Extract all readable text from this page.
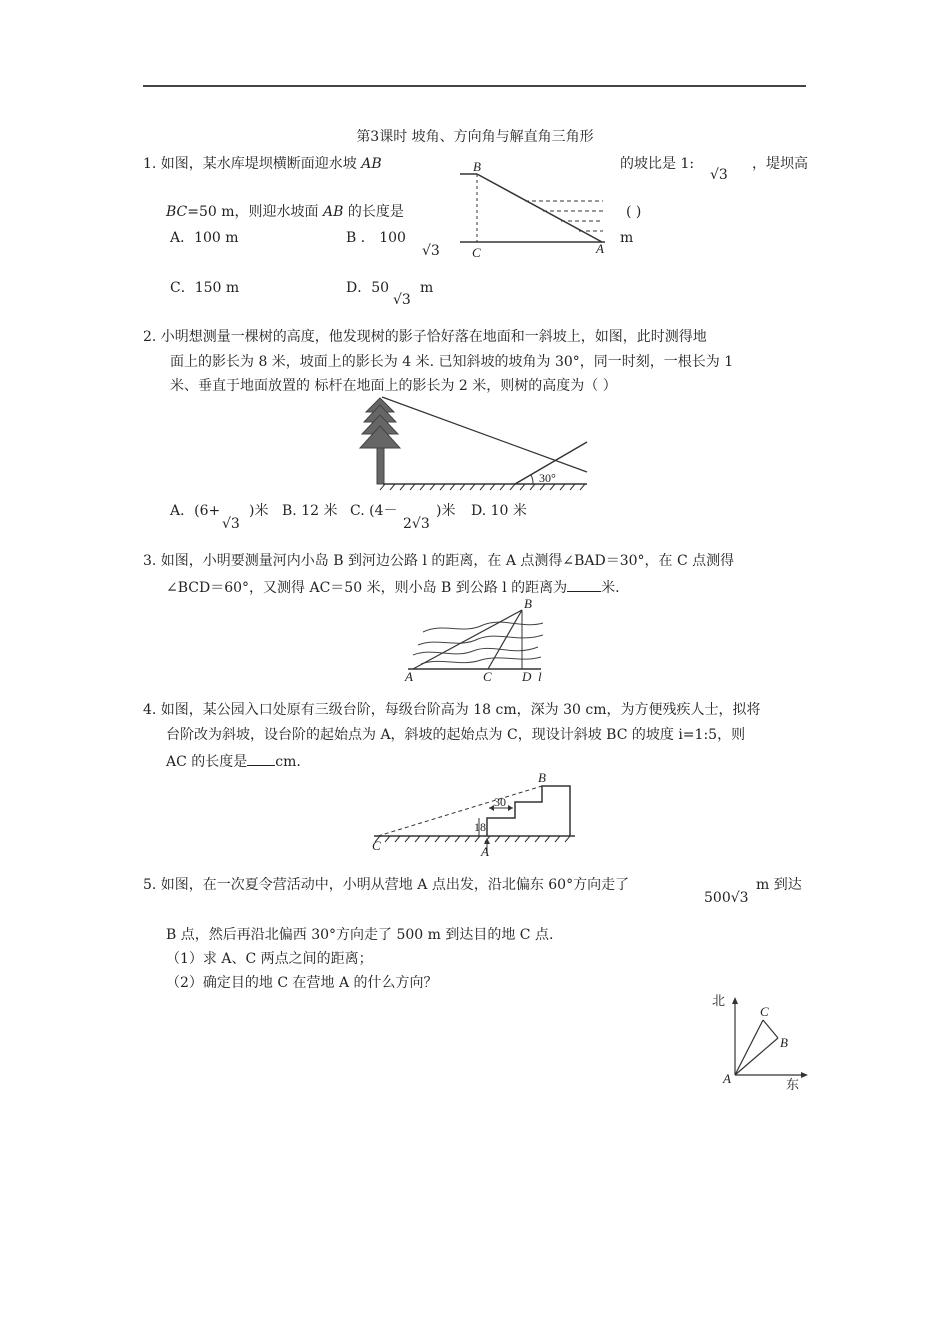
第3课时 坡角、方向角与解直角三角形
1. 如图，某水库堤坝横断面迎水坡 AB	的坡比是 1:
√3
，堤坝高
BC=50 m，则迎水坡面 AB 的长度是	( )
A．100 m	B ． 100
√3
m
C．150 m	D．50
√3
m
B
C	A
2. 小明想测量一棵树的高度，他发现树的影子恰好落在地面和一斜坡上，如图，此时测得地
面上的影长为 8 米，坡面上的影长为 4 米. 已知斜坡的坡角为 30°，同一时刻，一根长为 1
米、垂直于地面放置的 标杆在地面上的影长为 2 米，则树的高度为（ ）
30°
A．(6+
√3
)米 B. 12 米 C. (4－
2√3
)米 D. 10 米
3. 如图，小明要测量河内小岛 B 到河边公路 l 的距离，在 A 点测得∠BAD＝30°，在 C 点测得
∠BCD＝60°，又测得 AC＝50 米，则小岛 B 到公路 l 的距离为 米.
B
A	C D l
4. 如图，某公园入口处原有三级台阶，每级台阶高为 18 cm，深为 30 cm，为方便残疾人士，拟将
台阶改为斜坡，设台阶的起始点为 A，斜坡的起始点为 C，现设计斜坡 BC 的坡度 i=1:5，则
AC 的长度是 cm.
30
18
B
C	A
5. 如图，在一次夏令营活动中，小明从营地 A 点出发，沿北偏东 60°方向走了
500√3
m 到达
B 点，然后再沿北偏西 30°方向走了 500 m 到达目的地 C 点.
（1）求 A、C 两点之间的距离；
（2）确定目的地 C 在营地 A 的什么方向？
北
东
A
B
C
